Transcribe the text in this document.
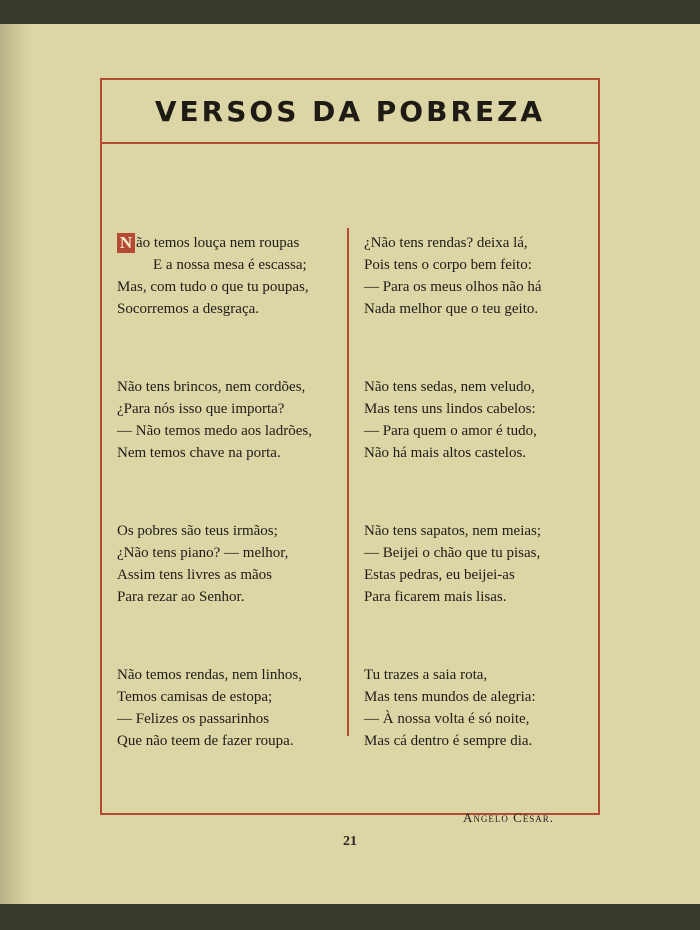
VERSOS DA POBREZA
N ão temos louça nem roupas
E a nossa mesa é escassa;
Mas, com tudo o que tu poupas,
Socorremos a desgraça.
Não tens brincos, nem cordões,
¿Para nós isso que importa?
— Não temos medo aos ladrões,
Nem temos chave na porta.
Os pobres são teus irmãos;
¿Não tens piano? — melhor,
Assim tens livres as mãos
Para rezar ao Senhor.
Não temos rendas, nem linhos,
Temos camisas de estopa;
— Felizes os passarinhos
Que não teem de fazer roupa.
¿Não tens rendas? deixa lá,
Pois tens o corpo bem feito:
— Para os meus olhos não há
Nada melhor que o teu geito.
Não tens sedas, nem veludo,
Mas tens uns lindos cabelos:
— Para quem o amor é tudo,
Não há mais altos castelos.
Não tens sapatos, nem meias;
— Beijei o chão que tu pisas,
Estas pedras, eu beijei-as
Para ficarem mais lisas.
Tu trazes a saia rota,
Mas tens mundos de alegria:
— À nossa volta é só noite,
Mas cá dentro é sempre dia.
Angelo César.
21
